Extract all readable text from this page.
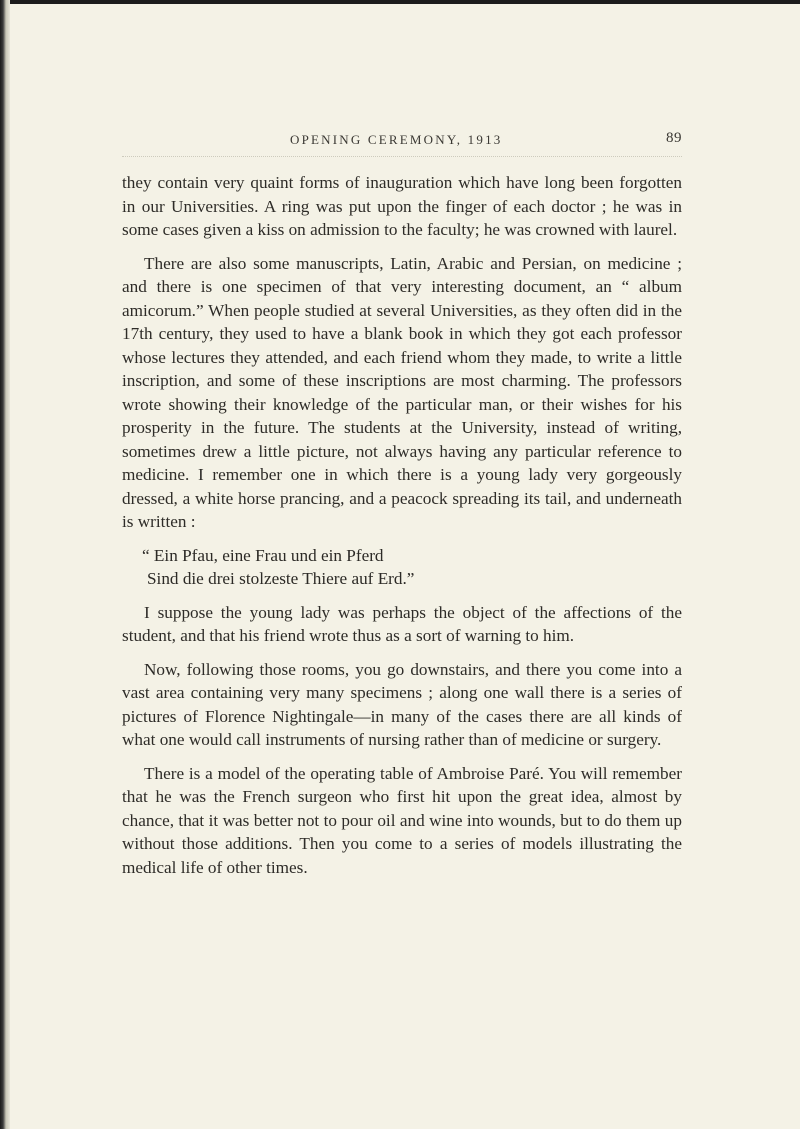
OPENING CEREMONY, 1913	89

they contain very quaint forms of inauguration which have long been forgotten in our Universities. A ring was put upon the finger of each doctor ; he was in some cases given a kiss on admission to the faculty; he was crowned with laurel.

There are also some manuscripts, Latin, Arabic and Persian, on medicine ; and there is one specimen of that very interesting document, an “ album amicorum.” When people studied at several Universities, as they often did in the 17th century, they used to have a blank book in which they got each professor whose lectures they attended, and each friend whom they made, to write a little inscription, and some of these inscriptions are most charming. The professors wrote showing their knowledge of the particular man, or their wishes for his prosperity in the future. The students at the University, instead of writing, sometimes drew a little picture, not always having any particular reference to medicine. I remember one in which there is a young lady very gorgeously dressed, a white horse prancing, and a peacock spreading its tail, and underneath is written :

“ Ein Pfau, eine Frau und ein Pferd
Sind die drei stolzeste Thiere auf Erd.”

I suppose the young lady was perhaps the object of the affections of the student, and that his friend wrote thus as a sort of warning to him.

Now, following those rooms, you go downstairs, and there you come into a vast area containing very many specimens ; along one wall there is a series of pictures of Florence Nightingale—in many of the cases there are all kinds of what one would call instruments of nursing rather than of medicine or surgery.

There is a model of the operating table of Ambroise Paré. You will remember that he was the French surgeon who first hit upon the great idea, almost by chance, that it was better not to pour oil and wine into wounds, but to do them up without those additions. Then you come to a series of models illustrating the medical life of other times.
